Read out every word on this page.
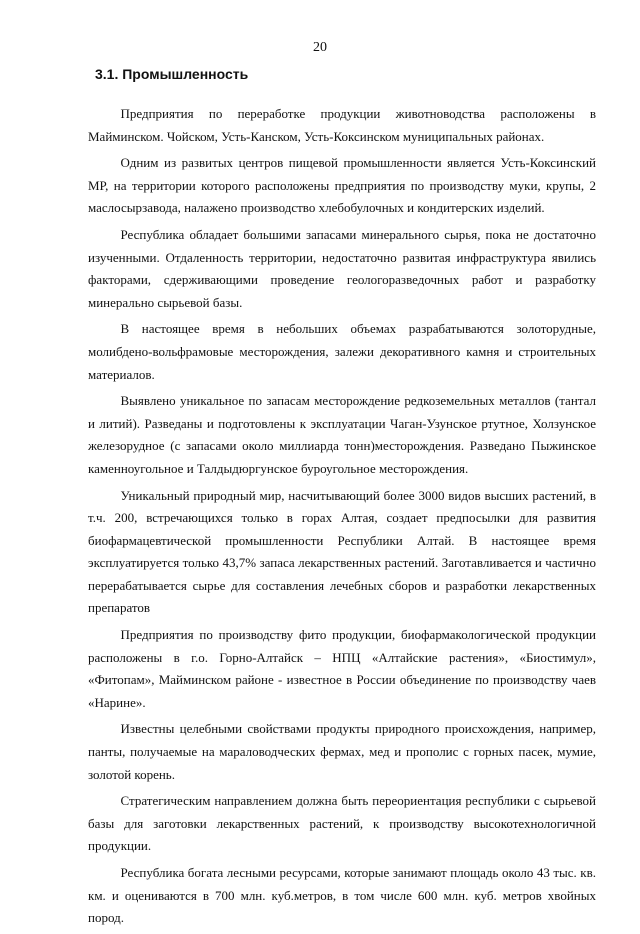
20
3.1. Промышленность

Предприятия по переработке продукции животноводства расположены в Майминском. Чойском, Усть-Канском, Усть-Коксинском муниципальных районах.

Одним из развитых центров пищевой промышленности является Усть-Коксинский МР, на территории которого расположены предприятия по производству муки, крупы, 2 маслосырзавода, налажено производство хлебобулочных и кондитерских изделий.

Республика обладает большими запасами минерального сырья, пока не достаточно изученными. Отдаленность территории, недостаточно развитая инфраструктура явились факторами, сдерживающими проведение геологоразведочных работ и разработку минерально сырьевой базы.

В настоящее время в небольших объемах разрабатываются золоторудные, молибдено-вольфрамовые месторождения, залежи декоративного камня и строительных материалов.

Выявлено уникальное по запасам месторождение редкоземельных металлов (тантал и литий). Разведаны и подготовлены к эксплуатации Чаган-Узунское ртутное, Холзунское железорудное (с запасами около миллиарда тонн)месторождения. Разведано Пыжинское каменноугольное и Талдыдюргунское буроугольное месторождения.

Уникальный природный мир, насчитывающий более 3000 видов высших растений, в т.ч. 200, встречающихся только в горах Алтая, создает предпосылки для развития биофармацевтической промышленности Республики Алтай. В настоящее время эксплуатируется только 43,7% запаса лекарственных растений. Заготавливается и частично перерабатывается сырье для составления лечебных сборов и разработки лекарственных препаратов

Предприятия по производству фито продукции, биофармакологической продукции расположены в г.о. Горно-Алтайск – НПЦ «Алтайские растения», «Биостимул», «Фитопам», Майминском районе - известное в России объединение по производству чаев «Нарине».

Известны целебными свойствами продукты природного происхождения, например, панты, получаемые на мараловодческих фермах, мед и прополис с горных пасек, мумие, золотой корень.

Стратегическим направлением должна быть переориентация республики с сырьевой базы для заготовки лекарственных растений, к производству высокотехнологичной продукции.

Республика богата лесными ресурсами, которые занимают площадь около 43 тыс. кв. км. и оцениваются в 700 млн. куб.метров, в том числе 600 млн. куб. метров хвойных пород.
